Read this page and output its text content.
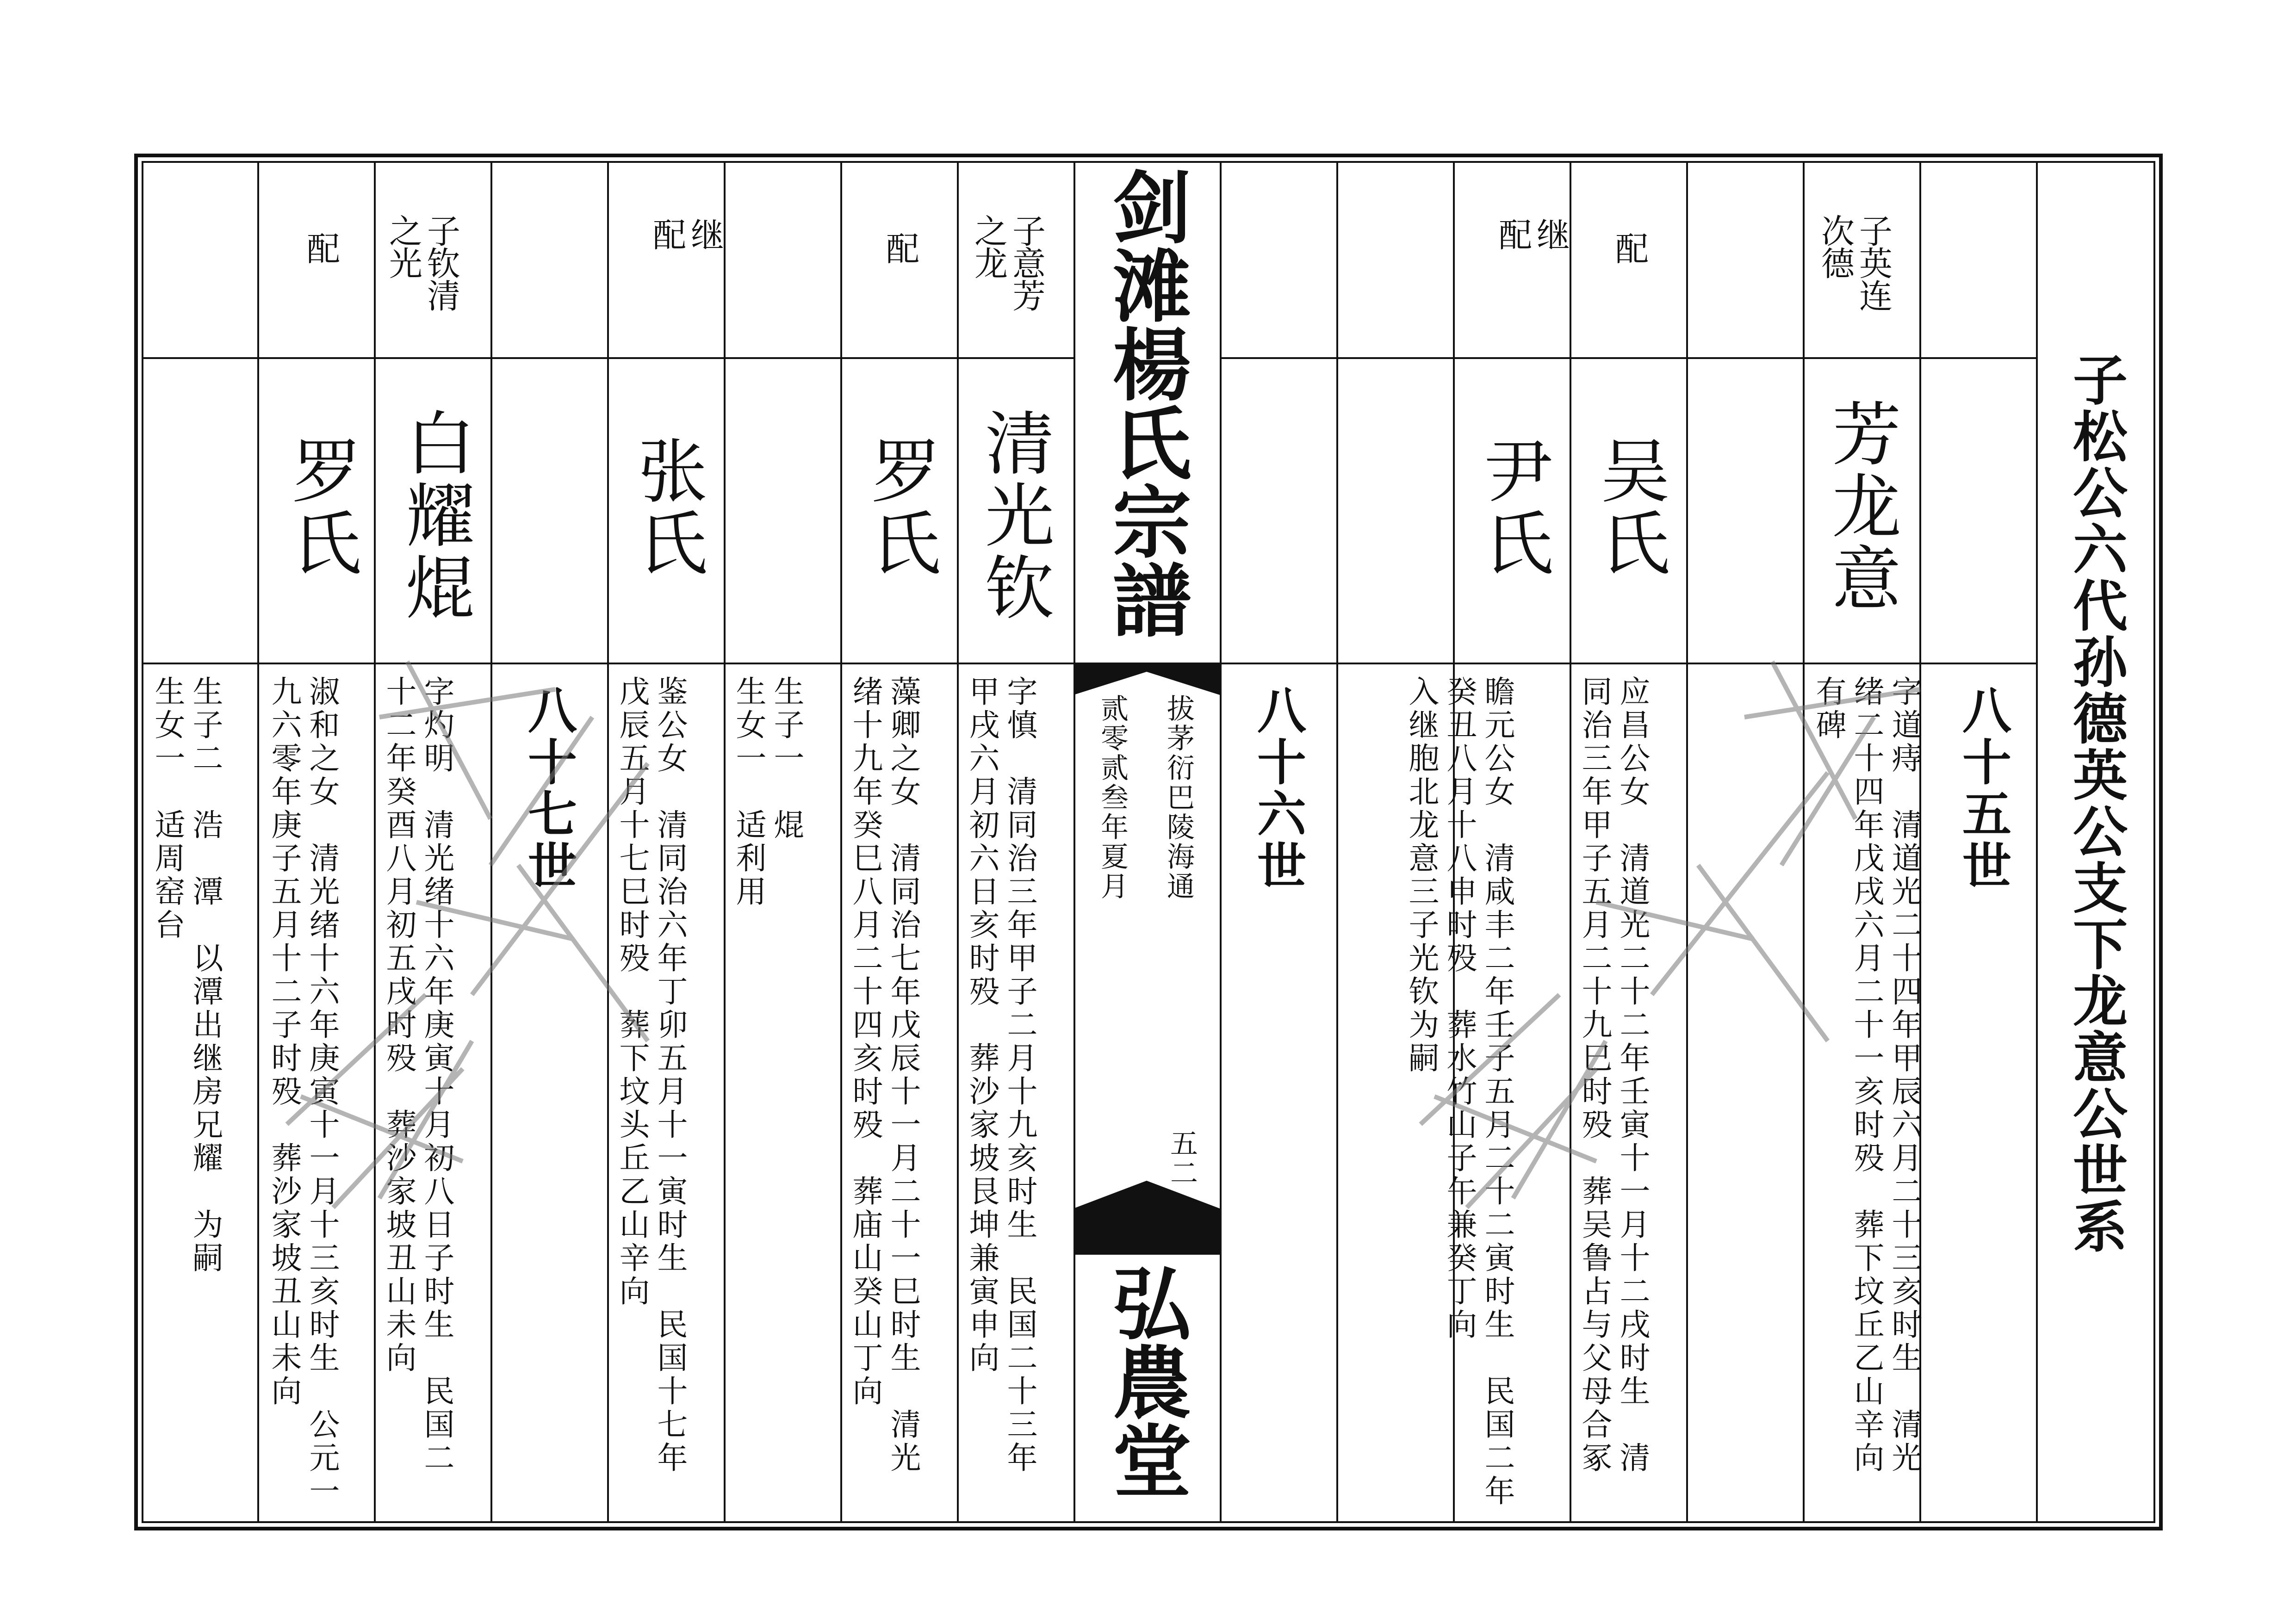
剑滩楊氏宗譜
拔茅衍巴陵海通
贰零贰叁年夏月
五二
弘農堂
子松公六代孙德英公支下龙意公世系
八十五世
八十六世
八十七世
子英连
次德
芳龙意
字道痔　清道光二十四年甲辰六月二十三亥时生　清光
绪二十四年戊戌六月二十一亥时殁　葬下坟丘乙山辛向
有碑
配
吴氏
应昌公女　清道光二十二年壬寅十一月十二戌时生　清
同治三年甲子五月二十九巳时殁　葬吴鲁占与父母合冢
继
配
尹氏
瞻元公女　清咸丰二年壬子五月二十二寅时生　民国二年
癸丑八月十八申时殁　葬水竹山子午兼癸丁向
入继胞北龙意三子光钦为嗣
子意芳
之龙
清光钦
字慎　清同治三年甲子二月十九亥时生　民国二十三年
甲戌六月初六日亥时殁　葬沙家坡艮坤兼寅申向
配
罗氏
藻卿之女　清同治七年戊辰十一月二十一巳时生　清光
绪十九年癸巳八月二十四亥时殁　葬庙山癸山丁向
生子一　焜
生女一　适利用
继
配
张氏
鉴公女　清同治六年丁卯五月十一寅时生　民国十七年
戊辰五月十七巳时殁　葬下坟头丘乙山辛向
子钦清
之光
白耀焜
字灼明　清光绪十六年庚寅十月初八日子时生　民国二
十二年癸酉八月初五戌时殁　葬沙家坡丑山未向
配
罗氏
淑和之女　清光绪十六年庚寅十一月十三亥时生　公元一
九六零年庚子五月十二子时殁　葬沙家坡丑山未向
生子二　浩　潭　以潭出继房兄耀　为嗣
生女一　适周窑台
